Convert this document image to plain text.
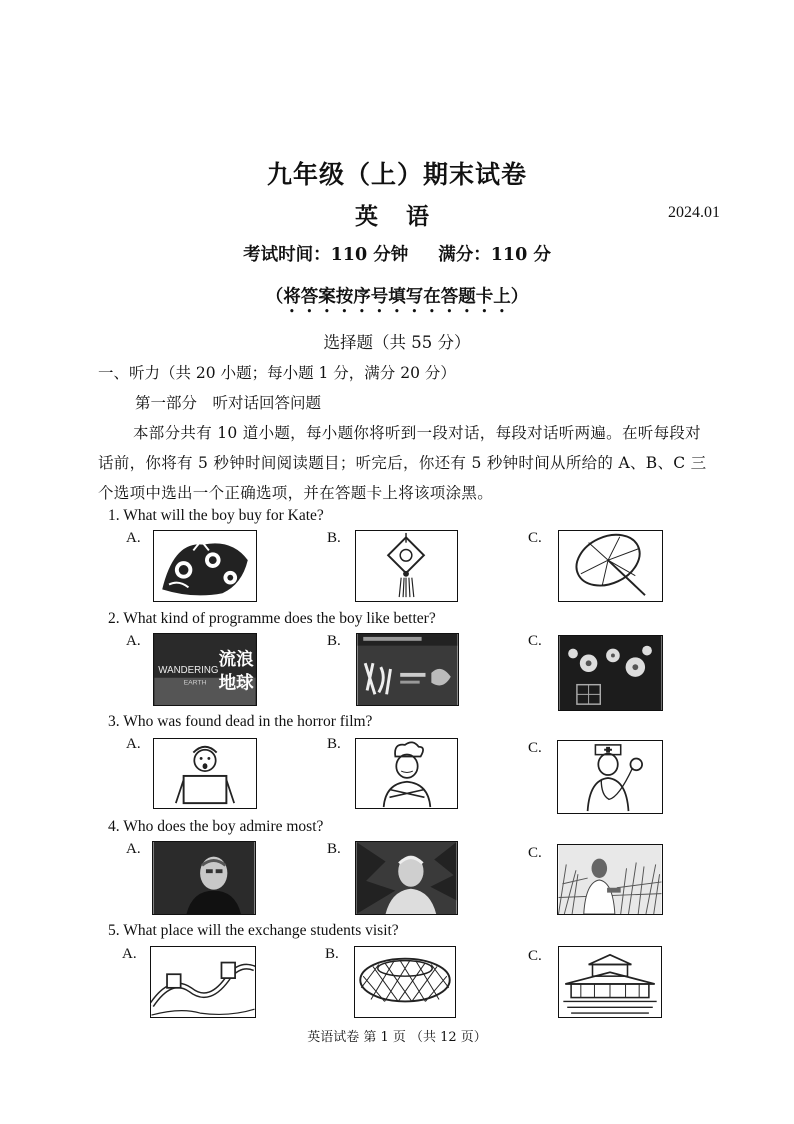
九年级（上）期末试卷
英 语	2024.01
考试时间：110 分钟 满分：110 分
（将答案按序号填写在答题卡上）
选择题（共 55 分）
一、听力（共 20 小题；每小题 1 分，满分 20 分）
第一部分　听对话回答问题
本部分共有 10 道小题，每小题你将听到一段对话，每段对话听两遍。在听每段对
话前，你将有 5 秒钟时间阅读题目；听完后，你还有 5 秒钟时间从所给的 A、B、C 三
个选项中选出一个正确选项，并在答题卡上将该项涂黑。
1. What will the boy buy for Kate?
A.	B.	C.
2. What kind of programme does the boy like better?
A.	B.	C.
WANDERING
EARTH
流浪
地球
3. Who was found dead in the horror film?
A.	B.	C.
4. Who does the boy admire most?
A.	B.	C.
5. What place will the exchange students visit?
A.	B.	C.
英语试卷 第 1 页 （共 12 页）
